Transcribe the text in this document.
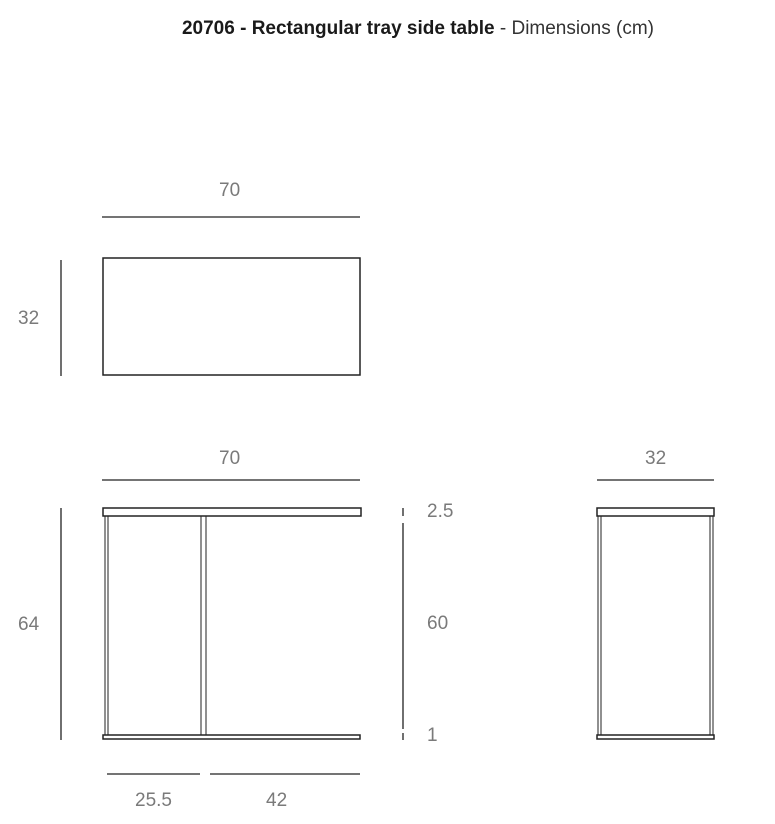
20706 - Rectangular tray side table - Dimensions (cm)
70
32
70
64
2.5
60
1
25.5	42
32
